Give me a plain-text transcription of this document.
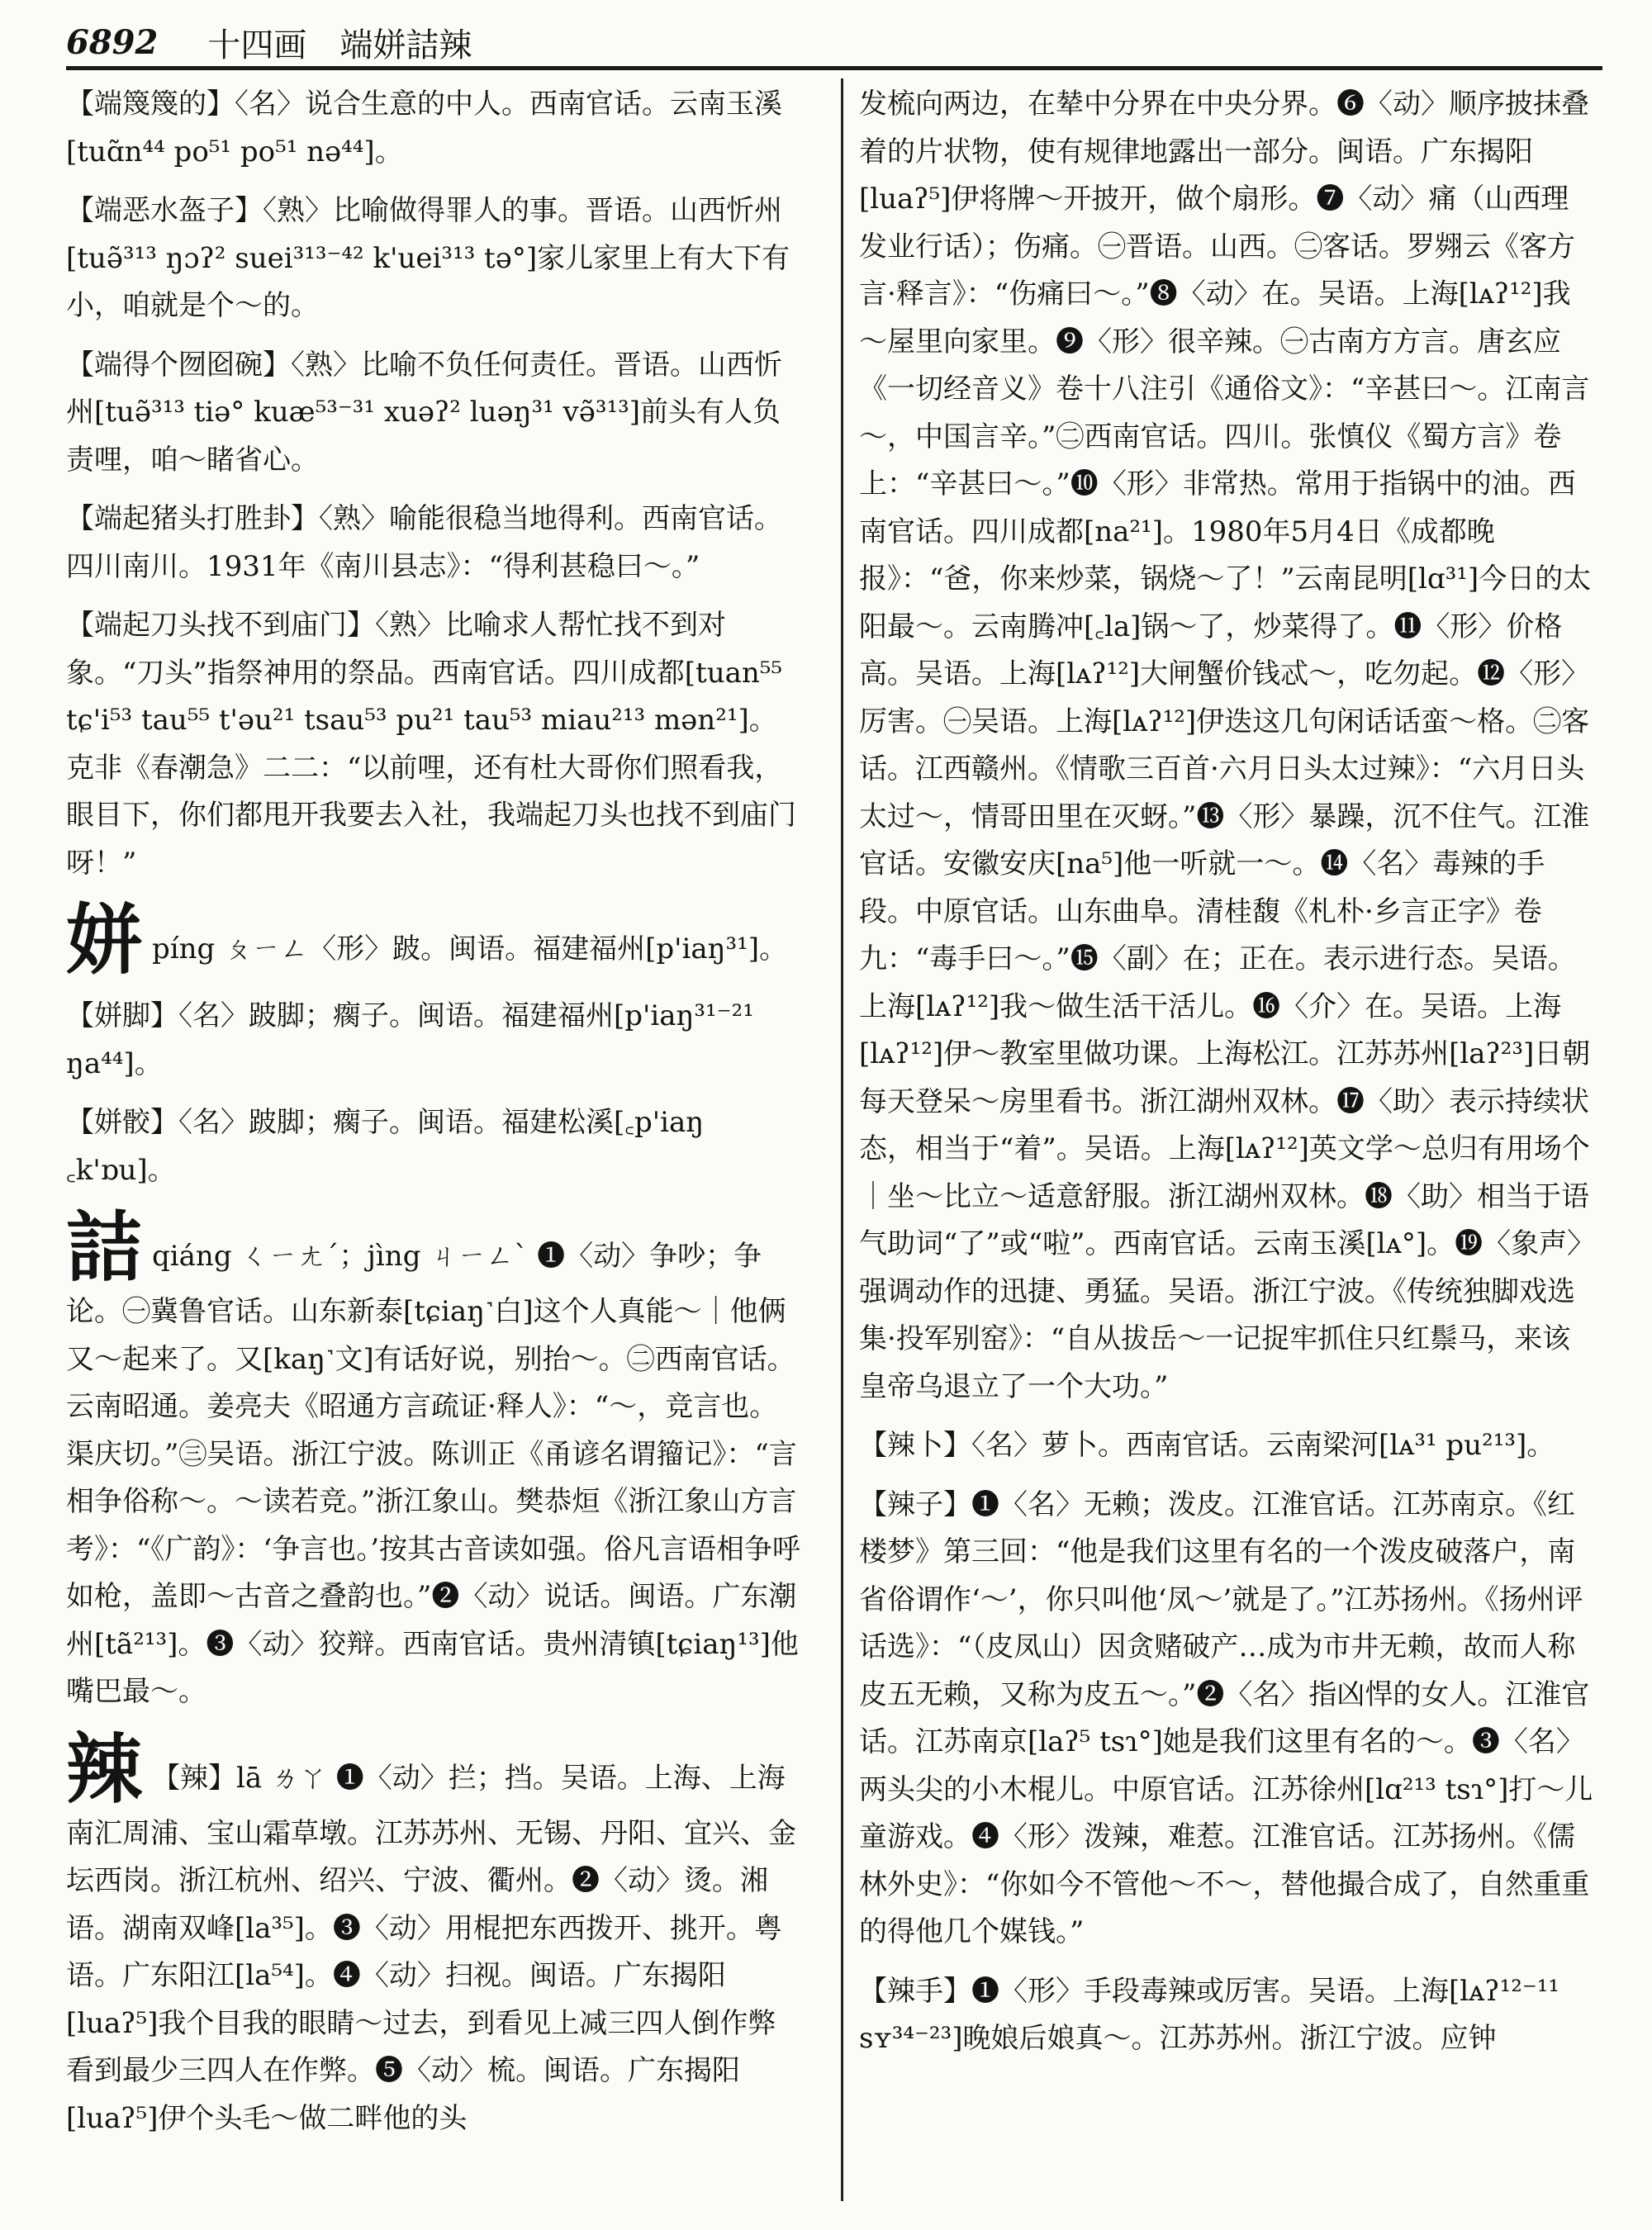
6892 十四画　端姘詰辣

【端篾篾的】〈名〉说合生意的中人。西南官话。云南玉溪[tuɑ̃n⁴⁴ po⁵¹ po⁵¹ nə⁴⁴]。

【端恶水盔子】〈熟〉比喻做得罪人的事。晋语。山西忻州[tuə̃³¹³ ŋɔʔ² suei³¹³⁻⁴² k'uei³¹³ tə°]家儿家里上有大下有小，咱就是个～的。

【端得个囫囵碗】〈熟〉比喻不负任何责任。晋语。山西忻州[tuə̃³¹³ tiə° kuæ⁵³⁻³¹ xuəʔ² luəŋ³¹ və̃³¹³]前头有人负责哩，咱～睹省心。

【端起猪头打胜卦】〈熟〉喻能很稳当地得利。西南官话。四川南川。1931年《南川县志》：“得利甚稳曰～。”

【端起刀头找不到庙门】〈熟〉比喻求人帮忙找不到对象。“刀头”指祭神用的祭品。西南官话。四川成都[tuan⁵⁵ tɕ'i⁵³ tau⁵⁵ t'əu²¹ tsau⁵³ pu²¹ tau⁵³ miau²¹³ mən²¹]。克非《春潮急》二二：“以前哩，还有杜大哥你们照看我，眼目下，你们都甩开我要去入社，我端起刀头也找不到庙门呀！”

姘píng ㄆㄧㄥ〈形〉跛。闽语。福建福州[p'iaŋ³¹]。

【姘脚】〈名〉跛脚；瘸子。闽语。福建福州[p'iaŋ³¹⁻²¹ ŋa⁴⁴]。

【姘骹】〈名〉跛脚；瘸子。闽语。福建松溪[꜀p'iaŋ ꜀k'ɒu]。

詰qiáng ㄑㄧㄤˊ；jìng ㄐㄧㄥˋ ❶〈动〉争吵；争论。㊀冀鲁官话。山东新泰[tɕiaŋ˺白]这个人真能～｜他俩又～起来了。又[kaŋ˺文]有话好说，别抬～。㊁西南官话。云南昭通。姜亮夫《昭通方言疏证·释人》：“～，竞言也。渠庆切。”㊂吴语。浙江宁波。陈训正《甬谚名谓籀记》：“言相争俗称～。～读若竞。”浙江象山。樊恭烜《浙江象山方言考》：“《广韵》：‘争言也。’按其古音读如强。俗凡言语相争呼如枪，盖即～古音之叠韵也。”❷〈动〉说话。闽语。广东潮州[tã²¹³]。❸〈动〉狡辩。西南官话。贵州清镇[tɕiaŋ¹³]他嘴巴最～。

辣 【辣】lā ㄌㄚ ❶〈动〉拦；挡。吴语。上海、上海南汇周浦、宝山霜草墩。江苏苏州、无锡、丹阳、宜兴、金坛西岗。浙江杭州、绍兴、宁波、衢州。❷〈动〉烫。湘语。湖南双峰[la³⁵]。❸〈动〉用棍把东西拨开、挑开。粤语。广东阳江[la⁵⁴]。❹〈动〉扫视。闽语。广东揭阳[luaʔ⁵]我个目我的眼睛～过去，到看见上减三四人倒作弊看到最少三四人在作弊。❺〈动〉梳。闽语。广东揭阳[luaʔ⁵]伊个头毛～做二畔他的头

发梳向两边，在辇中分界在中央分界。❻〈动〉顺序披抹叠着的片状物，使有规律地露出一部分。闽语。广东揭阳[luaʔ⁵]伊将牌～开披开，做个扇形。❼〈动〉痛（山西理发业行话）；伤痛。㊀晋语。山西。㊁客话。罗翙云《客方言·释言》：“伤痛曰～。”❽〈动〉在。吴语。上海[lᴀʔ¹²]我～屋里向家里。❾〈形〉很辛辣。㊀古南方方言。唐玄应《一切经音义》卷十八注引《通俗文》：“辛甚曰～。江南言～，中国言辛。”㊁西南官话。四川。张慎仪《蜀方言》卷上：“辛甚曰～。”❿〈形〉非常热。常用于指锅中的油。西南官话。四川成都[na²¹]。1980年5月4日《成都晚报》：“爸，你来炒菜，锅烧～了！”云南昆明[lɑ³¹]今日的太阳最～。云南腾冲[꜀la]锅～了，炒菜得了。⓫〈形〉价格高。吴语。上海[lᴀʔ¹²]大闸蟹价钱忒～，吃勿起。⓬〈形〉厉害。㊀吴语。上海[lᴀʔ¹²]伊迭这几句闲话话蛮～格。㊁客话。江西赣州。《情歌三百首·六月日头太过辣》：“六月日头太过～，情哥田里在灭蚜。”⓭〈形〉暴躁，沉不住气。江淮官话。安徽安庆[na⁵]他一听就一～。⓮〈名〉毒辣的手段。中原官话。山东曲阜。清桂馥《札朴·乡言正字》卷九：“毒手曰～。”⓯〈副〉在；正在。表示进行态。吴语。上海[lᴀʔ¹²]我～做生活干活儿。⓰〈介〉在。吴语。上海[lᴀʔ¹²]伊～教室里做功课。上海松江。江苏苏州[laʔ²³]日朝每天登呆～房里看书。浙江湖州双林。⓱〈助〉表示持续状态，相当于“着”。吴语。上海[lᴀʔ¹²]英文学～总归有用场个｜坐～比立～适意舒服。浙江湖州双林。⓲〈助〉相当于语气助词“了”或“啦”。西南官话。云南玉溪[lᴀ°]。⓳〈象声〉强调动作的迅捷、勇猛。吴语。浙江宁波。《传统独脚戏选集·投军别窑》：“自从拔岳～一记捉牢抓住只红鬃马，来该皇帝乌退立了一个大功。”

【辣卜】〈名〉萝卜。西南官话。云南梁河[lᴀ³¹ pu²¹³]。

【辣子】❶〈名〉无赖；泼皮。江淮官话。江苏南京。《红楼梦》第三回：“他是我们这里有名的一个泼皮破落户，南省俗谓作‘～’，你只叫他‘凤～’就是了。”江苏扬州。《扬州评话选》：“（皮凤山）因贪赌破产…成为市井无赖，故而人称皮五无赖，又称为皮五～。”❷〈名〉指凶悍的女人。江淮官话。江苏南京[laʔ⁵ tsɿ°]她是我们这里有名的～。❸〈名〉两头尖的小木棍儿。中原官话。江苏徐州[lɑ²¹³ tsɿ°]打～儿童游戏。❹〈形〉泼辣，难惹。江淮官话。江苏扬州。《儒林外史》：“你如今不管他～不～，替他撮合成了，自然重重的得他几个媒钱。”

【辣手】❶〈形〉手段毒辣或厉害。吴语。上海[lᴀʔ¹²⁻¹¹ sʏ³⁴⁻²³]晚娘后娘真～。江苏苏州。浙江宁波。应钟
